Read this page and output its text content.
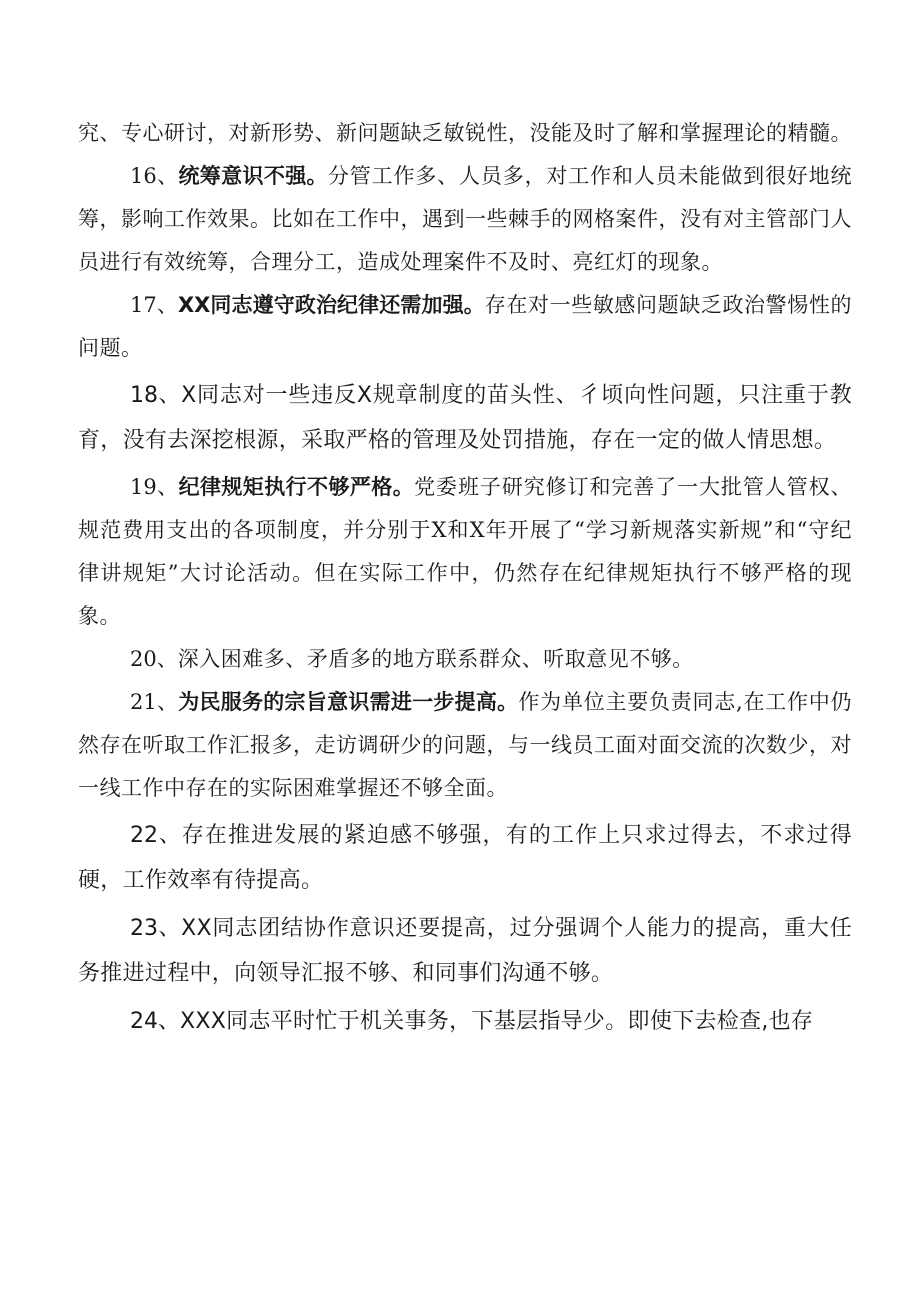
究、专心研讨，对新形势、新问题缺乏敏锐性，没能及时了解和掌握理论的精髓。

16、统筹意识不强。分管工作多、人员多，对工作和人员未能做到很好地统筹，影响工作效果。比如在工作中，遇到一些棘手的网格案件，没有对主管部门人员进行有效统筹，合理分工，造成处理案件不及时、亮红灯的现象。

17、XX同志遵守政治纪律还需加强。存在对一些敏感问题缺乏政治警惕性的问题。

18、X同志对一些违反X规章制度的苗头性、彳顷向性问题，只注重于教育，没有去深挖根源，采取严格的管理及处罚措施，存在一定的做人情思想。

19、纪律规矩执行不够严格。党委班子研究修订和完善了一大批管人管权、规范费用支出的各项制度，并分别于X和X年开展了“学习新规落实新规”和“守纪律讲规矩”大讨论活动。但在实际工作中，仍然存在纪律规矩执行不够严格的现象。

20、深入困难多、矛盾多的地方联系群众、听取意见不够。

21、为民服务的宗旨意识需进一步提高。作为单位主要负责同志,在工作中仍然存在听取工作汇报多，走访调研少的问题，与一线员工面对面交流的次数少，对一线工作中存在的实际困难掌握还不够全面。

22、存在推进发展的紧迫感不够强，有的工作上只求过得去，不求过得硬，工作效率有待提高。

23、XX同志团结协作意识还要提高，过分强调个人能力的提高，重大任务推进过程中，向领导汇报不够、和同事们沟通不够。

24、XXX同志平时忙于机关事务，下基层指导少。即使下去检查,也存
